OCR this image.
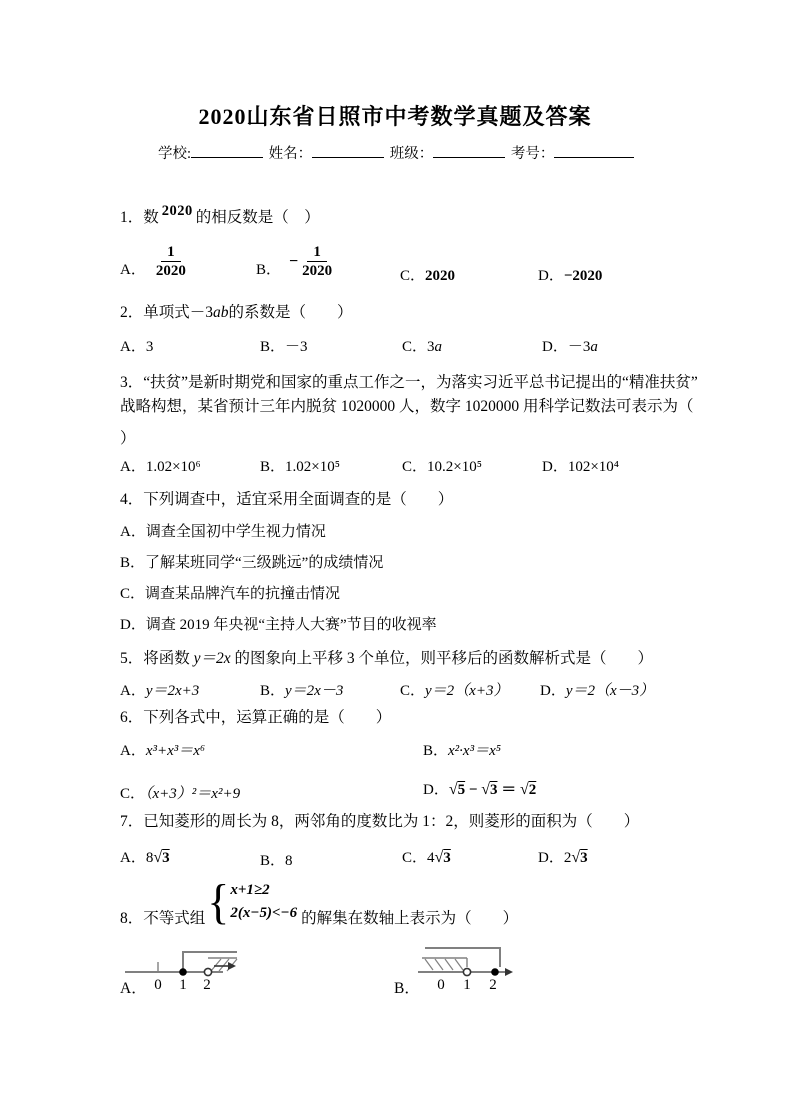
2020山东省日照市中考数学真题及答案
学校:	姓名：	班级：	考号：
1．数 2020 的相反数是（　）
A． $\frac{1}{2020}$	B．
− $\frac{1}{2020}$	C．2020	D．−2020
2．单项式－3ab的系数是（　　）
A．3	B．－3	C．3a	D．－3a
3．“扶贫”是新时期党和国家的重点工作之一，为落实习近平总书记提出的“精准扶贫”
战略构想，某省预计三年内脱贫 1020000 人，数字 1020000 用科学记数法可表示为（
）
A．1.02×10⁶	B．1.02×10⁵	C．10.2×10⁵	D．102×10⁴
4．下列调查中，适宜采用全面调查的是（　　）
A．调查全国初中学生视力情况
B．了解某班同学“三级跳远”的成绩情况
C．调查某品牌汽车的抗撞击情况
D．调查 2019 年央视“主持人大赛”节目的收视率
5．将函数 y＝2x 的图象向上平移 3 个单位，则平移后的函数解析式是（　　）
A．y＝2x+3	B．y＝2x－3	C．y＝2（x+3） D．y＝2（x－3）
6．下列各式中，运算正确的是（　　）
A．x³+x³＝x⁶	B．x²·x³＝x⁵
C．（x+3）²＝x²+9	D． √ 5 − √ 3 ＝ √ 2
7．已知菱形的周长为 8，两邻角的度数比为 1：2，则菱形的面积为（　　）
A．8 √ 3	B．8	C．4 √ 3	D．2 √ 3
8．不等式组 { x+1≥2
2(x−5)<−6 的解集在数轴上表示为（　　）
A． 0 1 2	B． 0 1 2
